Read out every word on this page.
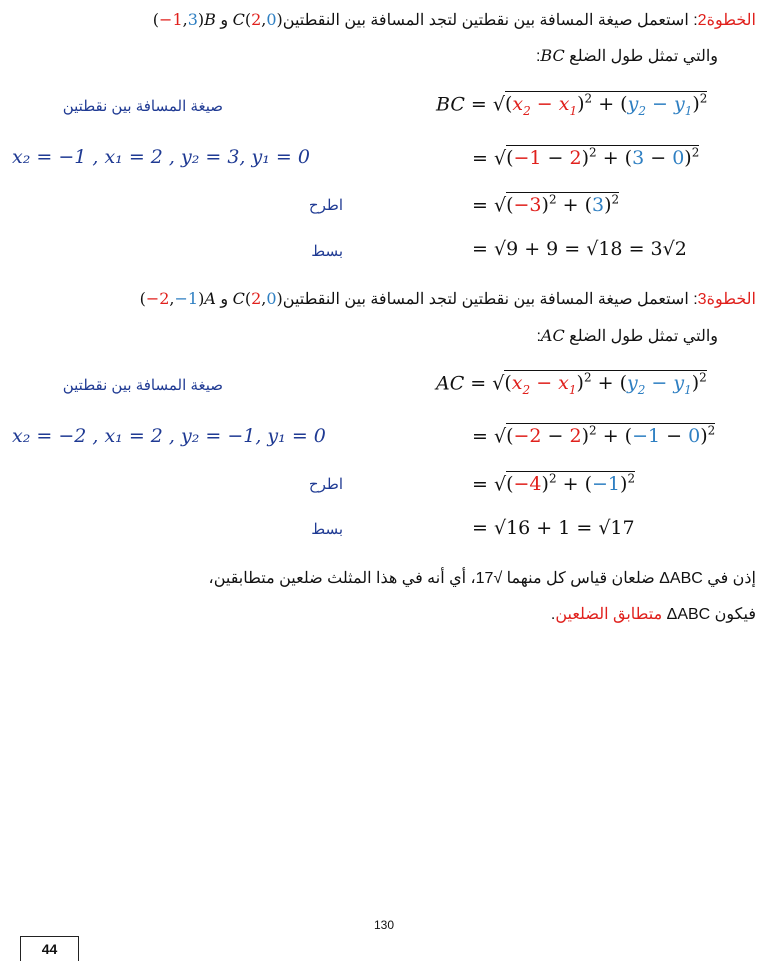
الخطوة2: استعمل صيغة المسافة بين نقطتين لتجد المسافة بين النقطتينC(2,0) و (−1,3)B
والتي تمثل طول الضلع BC:
صيغة المسافة بين نقطتين	BC = $√(x_2 - x_1)^2 + (y_2 - y_1)^2$
x₂ = −1 , x₁ = 2 , y₂ = 3, y₁ = 0	= $√(-1 - 2)^2 + (3 - 0)^2$
اطرح	= $√(-3)^2 + (3)^2$
بسط	= √9 + 9 = √18 = 3√2
الخطوة3: استعمل صيغة المسافة بين نقطتين لتجد المسافة بين النقطتينC(2,0) و (−2,−1)A
والتي تمثل طول الضلع AC:
صيغة المسافة بين نقطتين	AC = $√(x_2 - x_1)^2 + (y_2 - y_1)^2$
x₂ = −2 , x₁ = 2 , y₂ = −1, y₁ = 0	= $√(-2 - 2)^2 + (-1 - 0)^2$
اطرح	= $√(-4)^2 + (-1)^2$
بسط	= √16 + 1 = √17
إذن في ΔABC ضلعان قياس كل منهما √17، أي أنه في هذا المثلث ضلعين متطابقين،
فيكون ΔABC متطابق الضلعين.
130
44
